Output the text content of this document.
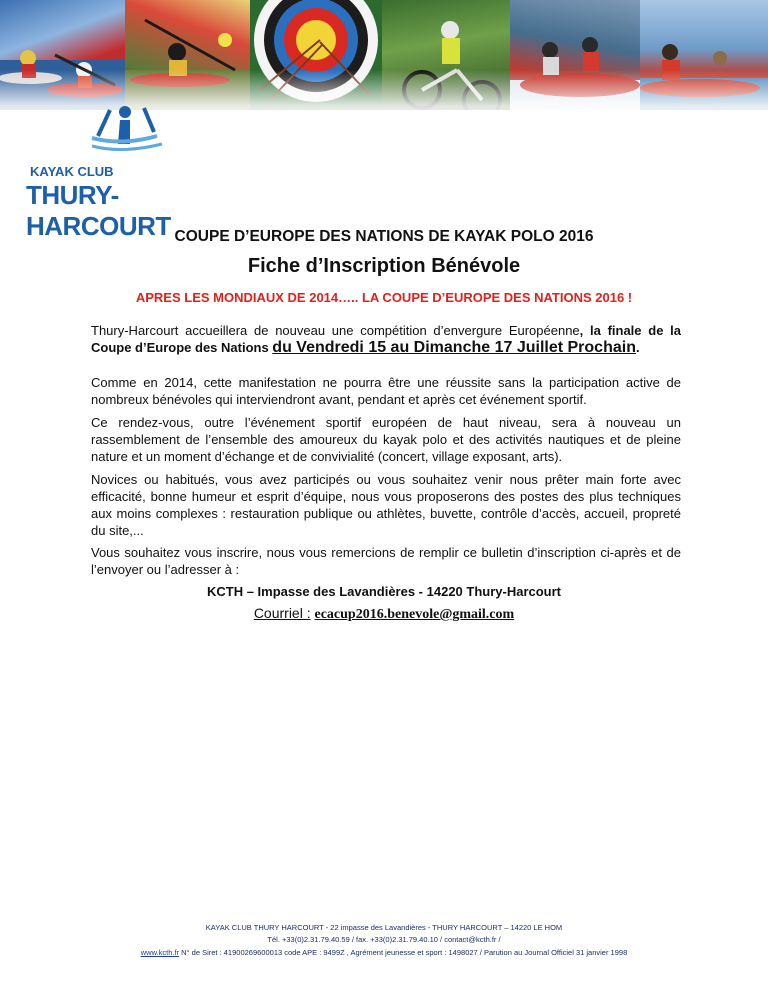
KAYAK CLUB
THURY-HARCOURT COUPE D’EUROPE DES NATIONS DE KAYAK POLO 2016
Fiche d’Inscription Bénévole
APRES LES MONDIAUX DE 2014….. LA COUPE D’EUROPE DES NATIONS 2016 !
Thury-Harcourt accueillera de nouveau une compétition d’envergure Européenne, la finale de la Coupe d’Europe des Nations du Vendredi 15 au Dimanche 17 Juillet Prochain.
Comme en 2014, cette manifestation ne pourra être une réussite sans la participation active de nombreux bénévoles qui interviendront avant, pendant et après cet événement sportif.
Ce rendez-vous, outre l’événement sportif européen de haut niveau, sera à nouveau un rassemblement de l’ensemble des amoureux du kayak polo et des activités nautiques et de pleine nature et un moment d’échange et de convivialité (concert, village exposant, arts).
Novices ou habitués, vous avez participés ou vous souhaitez venir nous prêter main forte avec efficacité, bonne humeur et esprit d’équipe, nous vous proposerons des postes des plus techniques aux moins complexes : restauration publique ou athlètes, buvette, contrôle d’accès, accueil, propreté du site,...
Vous souhaitez vous inscrire, nous vous remercions de remplir ce bulletin d’inscription ci-après et de l’envoyer ou l’adresser à :
KCTH – Impasse des Lavandières - 14220 Thury-Harcourt
Courriel : ecacup2016.benevole@gmail.com
KAYAK CLUB THURY HARCOURT - 22 impasse des Lavandières - THURY HARCOURT – 14220 LE HOM
Tél. +33(0)2.31.79.40.59 / fax. +33(0)2.31.79.40.10 / contact@kcth.fr /
www.kcth.fr N° de Siret : 41900269600013 code APE : 9499Z , Agrément jeunesse et sport : 1498027 / Parution au Journal Officiel 31 janvier 1998
